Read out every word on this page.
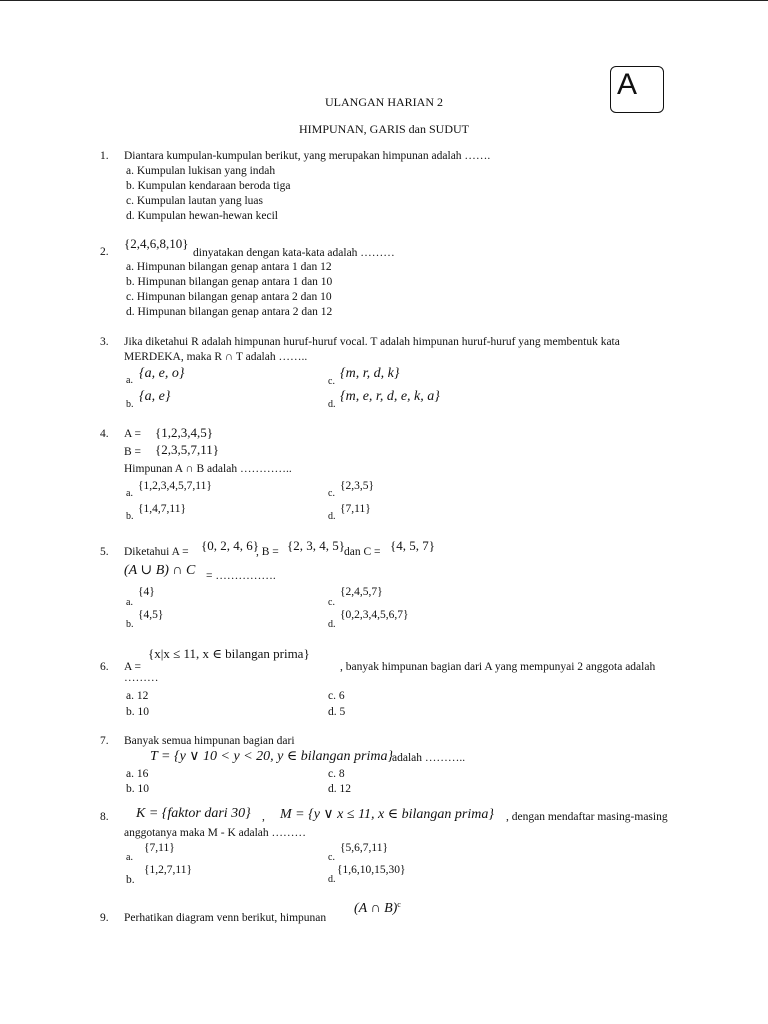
A
ULANGAN HARIAN 2
HIMPUNAN, GARIS dan SUDUT
1.	Diantara kumpulan-kumpulan berikut, yang merupakan himpunan adalah …….
a. Kumpulan lukisan yang indah
b. Kumpulan kendaraan beroda tiga
c. Kumpulan lautan yang luas
d. Kumpulan hewan-hewan kecil
2.
{2,4,6,8,10}
dinyatakan dengan kata-kata adalah ………
a. Himpunan bilangan genap antara 1 dan 12
b. Himpunan bilangan genap antara 1 dan 10
c. Himpunan bilangan genap antara 2 dan 10
d. Himpunan bilangan genap antara 2 dan 12
3.	Jika diketahui R adalah himpunan huruf-huruf vocal. T adalah himpunan huruf-huruf yang membentuk kata
MERDEKA, maka R ∩ T adalah ……..
a. {a, e, o}
b.
{a, e}
c.
{m, r, d, k}
d.
{m, e, r, d, e, k, a}
4.	A = {1,2,3,4,5}
B = {2,3,5,7,11}
Himpunan A ∩ B adalah …………..
a.
{1,2,3,4,5,7,11}
b.
{1,4,7,11}
c.
{2,3,5}
d.
{7,11}
5.	Diketahui A = {0, 2, 4, 6}
, B = {2, 3, 4, 5} dan C = {4, 5, 7}
(A ∪ B) ∩ C = …………….
a.
{4}
b.
{4,5}
c.
{2,4,5,7}
d.
{0,2,3,4,5,6,7}
6.	A =
{x|x ≤ 11, x ∈ bilangan prima}
, banyak himpunan bagian dari A yang mempunyai 2 anggota adalah
………
a. 12
b. 10
c. 6
d. 5
7.	Banyak semua himpunan bagian dari
T = {y ∨ 10 < y < 20, y ∈ bilangan prima}
adalah ………..
a. 16
b. 10
c. 8
d. 12
8.	K = {faktor dari 30} , M = {y ∨ x ≤ 11, x ∈ bilangan prima} , dengan mendaftar masing-masing
anggotanya maka M - K adalah ………
a.
{7,11}
b.
{1,2,7,11}
c.
{5,6,7,11}
d.
{1,6,10,15,30}
9.	Perhatikan diagram venn berikut, himpunan
(A ∩ B)$^c$
